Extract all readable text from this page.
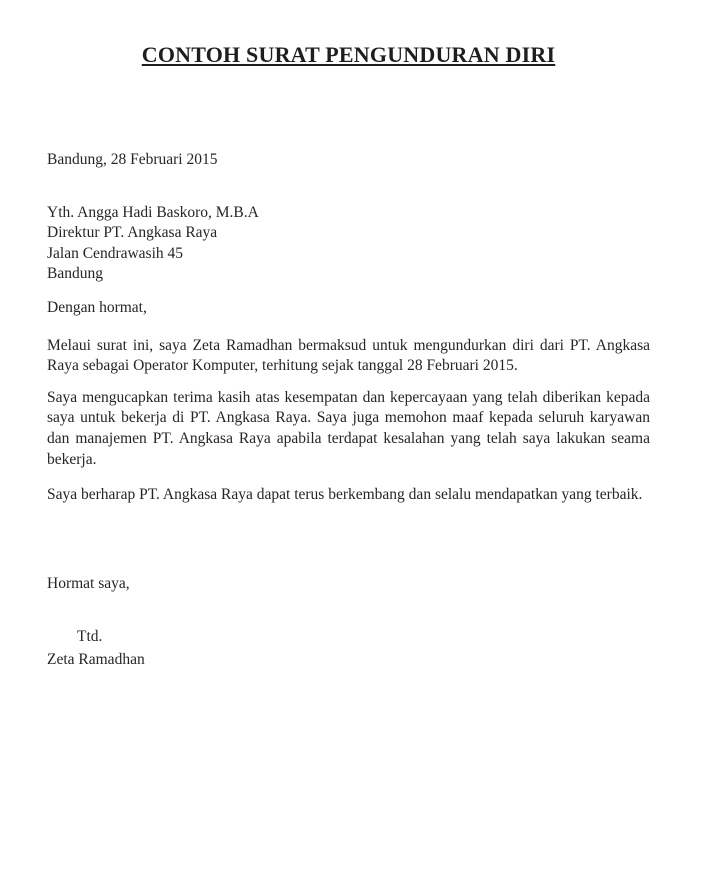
CONTOH SURAT PENGUNDURAN DIRI

Bandung, 28 Februari 2015

Yth. Angga Hadi Baskoro, M.B.A
Direktur PT. Angkasa Raya
Jalan Cendrawasih 45
Bandung

Dengan hormat,

Melaui surat ini, saya Zeta Ramadhan bermaksud untuk mengundurkan diri dari PT. Angkasa Raya sebagai Operator Komputer, terhitung sejak tanggal 28 Februari 2015.

Saya mengucapkan terima kasih atas kesempatan dan kepercayaan yang telah diberikan kepada saya untuk bekerja di PT. Angkasa Raya. Saya juga memohon maaf kepada seluruh karyawan dan manajemen PT. Angkasa Raya apabila terdapat kesalahan yang telah saya lakukan seama bekerja.

Saya berharap PT. Angkasa Raya dapat terus berkembang dan selalu mendapatkan yang terbaik.

Hormat saya,

Ttd.

Zeta Ramadhan
